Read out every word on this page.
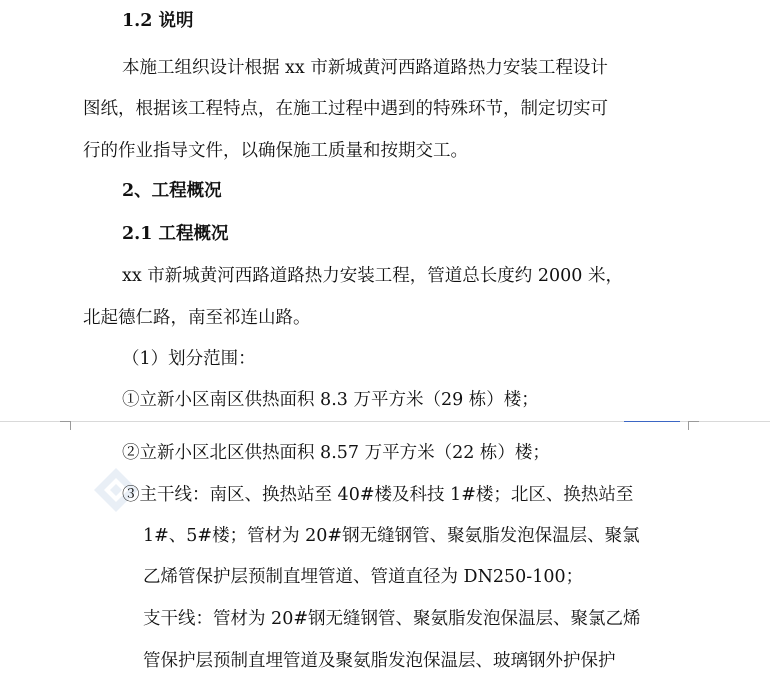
1.2 说明
本施工组织设计根据 xx 市新城黄河西路道路热力安装工程设计
图纸，根据该工程特点，在施工过程中遇到的特殊环节，制定切实可
行的作业指导文件，以确保施工质量和按期交工。
2、工程概况
2.1 工程概况
xx 市新城黄河西路道路热力安装工程，管道总长度约 2000 米，
北起德仁路，南至祁连山路。
（1）划分范围：
①立新小区南区供热面积 8.3 万平方米（29 栋）楼；
②立新小区北区供热面积 8.57 万平方米（22 栋）楼；
③主干线：南区、换热站至 40#楼及科技 1#楼；北区、换热站至
1#、5#楼；管材为 20#钢无缝钢管、聚氨脂发泡保温层、聚氯
乙烯管保护层预制直埋管道、管道直径为 DN250-100；
支干线：管材为 20#钢无缝钢管、聚氨脂发泡保温层、聚氯乙烯
管保护层预制直埋管道及聚氨脂发泡保温层、玻璃钢外护保护
